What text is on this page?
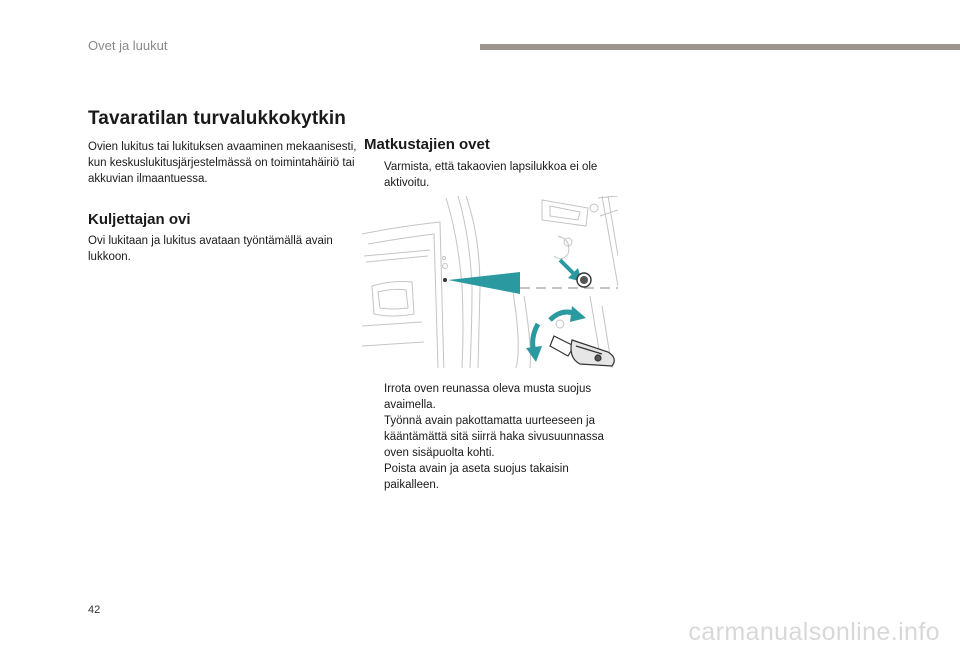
Ovet ja luukut
Tavaratilan turvalukkokytkin

Ovien lukitus tai lukituksen avaaminen mekaanisesti, kun keskuslukitusjärjestelmässä on toimintahäiriö tai akkuvian ilmaantuessa.

Kuljettajan ovi

Ovi lukitaan ja lukitus avataan työntämällä avain lukkoon.

Matkustajien ovet
Varmista, että takaovien lapsilukkoa ei ole aktivoitu.
Irrota oven reunassa oleva musta suojus avaimella.
Työnnä avain pakottamatta uurteeseen ja kääntämättä sitä siirrä haka sivusuunnassa oven sisäpuolta kohti.
Poista avain ja aseta suojus takaisin paikalleen.
42
carmanualsonline.info
